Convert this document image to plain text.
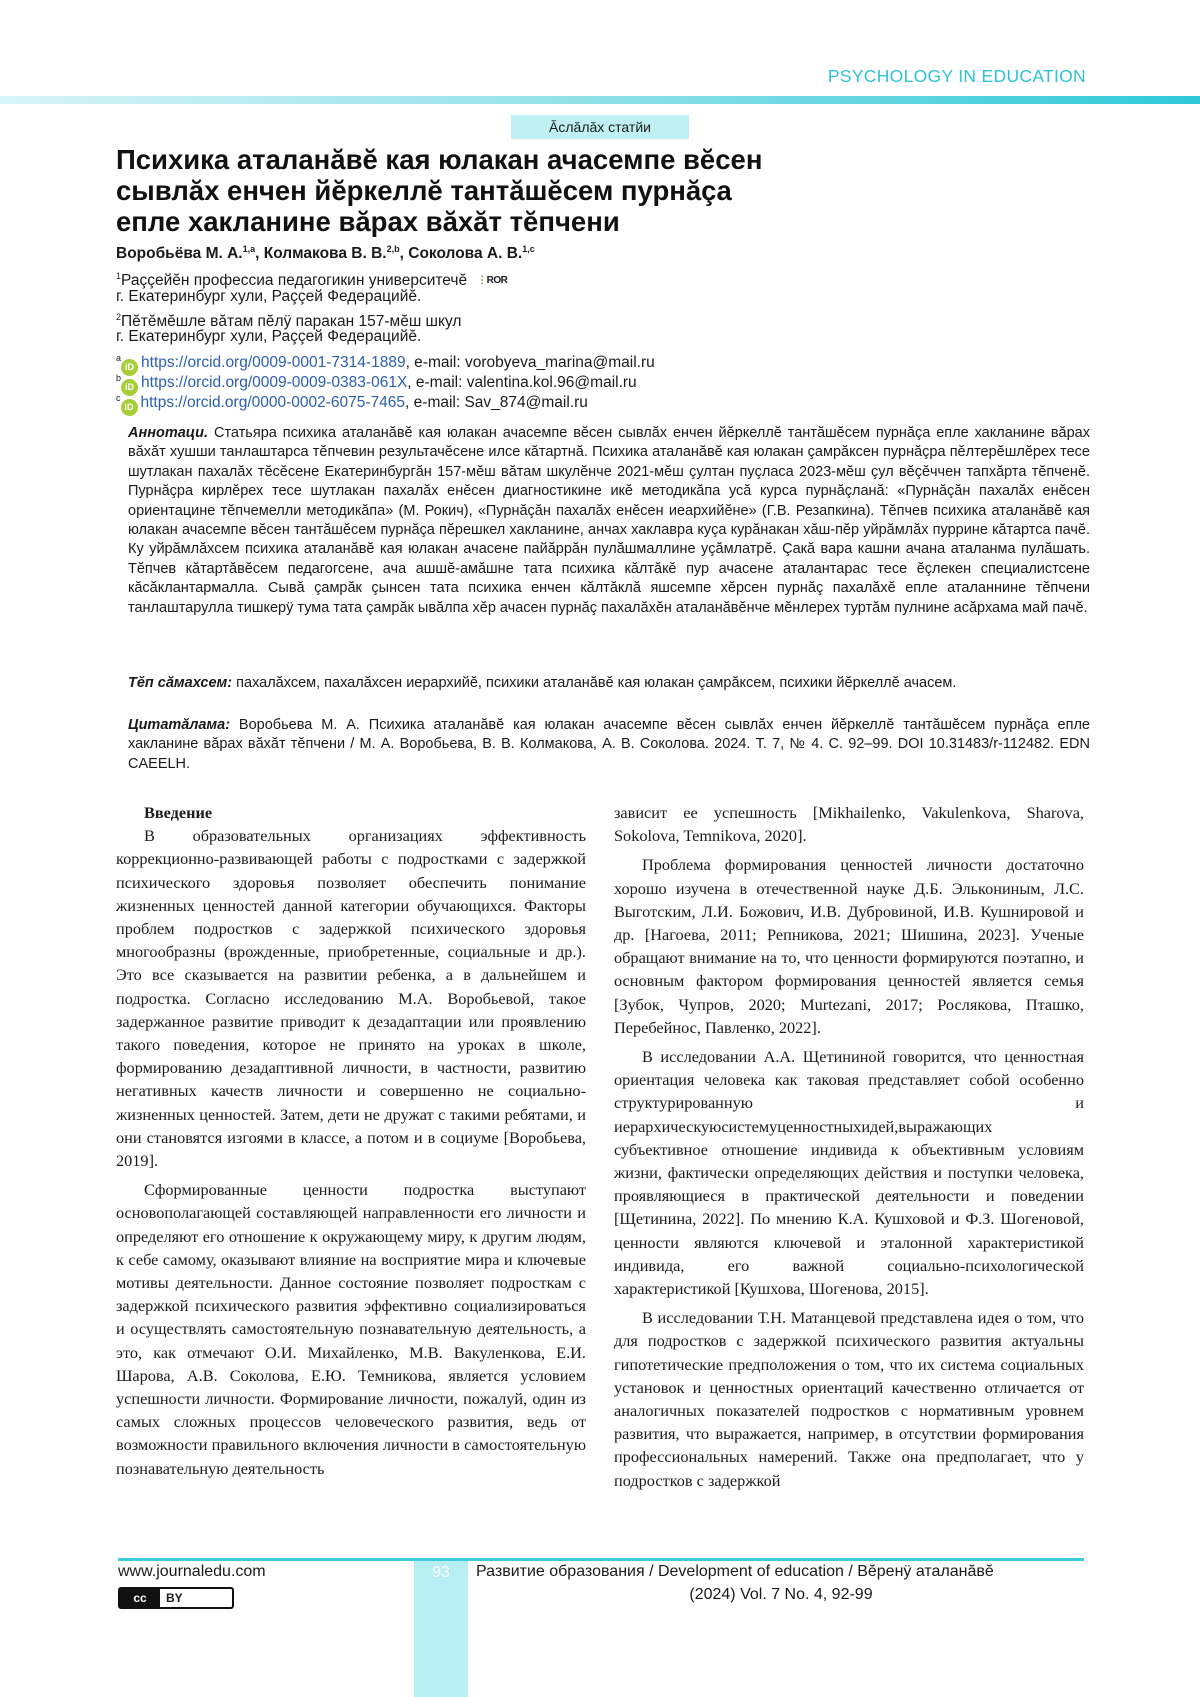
PSYCHOLOGY IN EDUCATION
Ăслăлăх статйи
Психика аталанăвĕ кая юлакан ачасемпе вĕсен
сывлăх енчен йĕркеллĕ тантăшĕсем пурнăçа
епле хакланине вăрах вăхăт тĕпчени
Воробьёва М. А.1,a, Колмакова В. В.2,b, Соколова А. В.1,c
1Раççейĕн профессиа педагогикин университечĕ ⋮ROR
г. Екатеринбург хули, Раççей Федерацийĕ.
2Пĕтĕмĕшле вăтам пĕлÿ паракан 157-мĕш шкул
г. Екатеринбург хули, Раççей Федерацийĕ.
aiD https://orcid.org/0009-0001-7314-1889, e-mail: vorobyeva_marina@mail.ru
biD https://orcid.org/0009-0009-0383-061X, e-mail: valentina.kol.96@mail.ru
ciD https://orcid.org/0000-0002-6075-7465, e-mail: Sav_874@mail.ru
Аннотаци. Статьяра психика аталанăвĕ кая юлакан ачасемпе вĕсен сывлăх енчен йĕркеллĕ тантăшĕсем пурнăçа епле хакланине вăрах вăхăт хушши танлаштарса тĕпчевин результачĕсене илсе кăтартнă. Психика аталанăвĕ кая юлакан çамрăксен пурнăçра пĕлтерĕшлĕрех тесе шутлакан пахалăх тĕсĕсене Екатеринбургăн 157-мĕш вăтам шкулĕнче 2021-мĕш çултан пуçласа 2023-мĕш çул вĕçĕччен тапхăрта тĕпченĕ. Пурнăçра кирлĕрех тесе шутлакан пахалăх енĕсен диагностикине икĕ методикăпа усă курса пурнăçланă: «Пурнăçăн пахалăх енĕсен ориентацине тĕпчемелли методикăпа» (М. Рокич), «Пурнăçăн пахалăх енĕсен иеархийĕне» (Г.В. Резапкина). Тĕпчев психика аталанăвĕ кая юлакан ачасемпе вĕсен тантăшĕсем пурнăçа пĕрешкел хакланине, анчах хаклавра куçа курăнакан хăш-пĕр уйрăмлăх пуррине кăтартса пачĕ. Ку уйрăмлăхсем психика аталанăвĕ кая юлакан ачасене пайăррăн пулăшмаллине уçăмлатрĕ. Çакă вара кашни ачана аталанма пулăшать. Тĕпчев кăтартăвĕсем педагогсене, ача ашшĕ-амăшне тата психика кăлтăкĕ пур ачасене аталантарас тесе ĕçлекен специалистсене кăсăклантармалла. Сывă çамрăк çынсен тата психика енчен кăлтăклă яшсемпе хĕрсен пурнăç пахалăхĕ епле аталаннине тĕпчени танлаштарулла тишкерÿ тума тата çамрăк ывăлпа хĕр ачасен пурнăç пахалăхĕн аталанăвĕнче мĕнлерех туртăм пулнине асăрхама май пачĕ.
Тĕп сăмахсем: пахалăхсем, пахалăхсен иерархийĕ, психики аталанăвĕ кая юлакан çамрăксем, психики йĕркеллĕ ачасем.
Цитатăлама: Воробьева М. А. Психика аталанăвĕ кая юлакан ачасемпе вĕсен сывлăх енчен йĕркеллĕ тантăшĕсем пурнăçа епле хакланине вăрах вăхăт тĕпчени / М. А. Воробьева, В. В. Колмакова, А. В. Соколова. 2024. Т. 7, № 4. С. 92–99. DOI 10.31483/r-112482. EDN CAEELH.
Введение

В образовательных организациях эффективность коррекционно-развивающей работы с подростками с задержкой психического здоровья позволяет обеспечить понимание жизненных ценностей данной категории обучающихся. Факторы проблем подростков с задержкой психического здоровья многообразны (врожденные, приобретенные, социальные и др.). Это все сказывается на развитии ребенка, а в дальнейшем и подростка. Согласно исследованию М.А. Воробьевой, такое задержанное развитие приводит к дезадаптации или проявлению такого поведения, которое не принято на уроках в школе, формированию дезадаптивной личности, в частности, развитию негативных качеств личности и совершенно не социально-жизненных ценностей. Затем, дети не дружат с такими ребятами, и они становятся изгоями в классе, а потом и в социуме [Воробьева, 2019].

Сформированные ценности подростка выступают основополагающей составляющей направленности его личности и определяют его отношение к окружающему миру, к другим людям, к себе самому, оказывают влияние на восприятие мира и ключевые мотивы деятельности. Данное состояние позволяет подросткам с задержкой психического развития эффективно социализироваться и осуществлять самостоятельную познавательную деятельность, а это, как отмечают О.И. Михайленко, М.В. Вакуленкова, Е.И. Шарова, А.В. Соколова, Е.Ю. Темникова, является условием успешности личности. Формирование личности, пожалуй, один из самых сложных процессов человеческого развития, ведь от возможности правильного включения личности в самостоятельную познавательную деятельность

зависит ее успешность [Mikhailenko, Vakulenkova, Sharova, Sokolova, Temnikova, 2020].

Проблема формирования ценностей личности достаточно хорошо изучена в отечественной науке Д.Б. Элькониным, Л.С. Выготским, Л.И. Божович, И.В. Дубровиной, И.В. Кушнировой и др. [Нагоева, 2011; Репникова, 2021; Шишина, 2023]. Ученые обращают внимание на то, что ценности формируются поэтапно, и основным фактором формирования ценностей является семья [Зубок, Чупров, 2020; Murtezani, 2017; Рослякова, Пташко, Перебейнос, Павленко, 2022].

В исследовании А.А. Щетининой говорится, что ценностная ориентация человека как таковая представляет собой особенно структурированную и иерархическуюсистемуценностныхидей,выражающих субъективное отношение индивида к объективным условиям жизни, фактически определяющих действия и поступки человека, проявляющиеся в практической деятельности и поведении [Щетинина, 2022]. По мнению К.А. Кушховой и Ф.З. Шогеновой, ценности являются ключевой и эталонной характеристикой индивида, его важной социально-психологической характеристикой [Кушхова, Шогенова, 2015].

В исследовании Т.Н. Матанцевой представлена идея о том, что для подростков с задержкой психического развития актуальны гипотетические предположения о том, что их система социальных установок и ценностных ориентаций качественно отличается от аналогичных показателей подростков с нормативным уровнем развития, что выражается, например, в отсутствии формирования профессиональных намерений. Также она предполагает, что у подростков с задержкой

93
www.journaledu.com
cc BY
Развитие образования / Development of education / Вĕренÿ аталанăвĕ
(2024) Vol. 7 No. 4, 92-99
